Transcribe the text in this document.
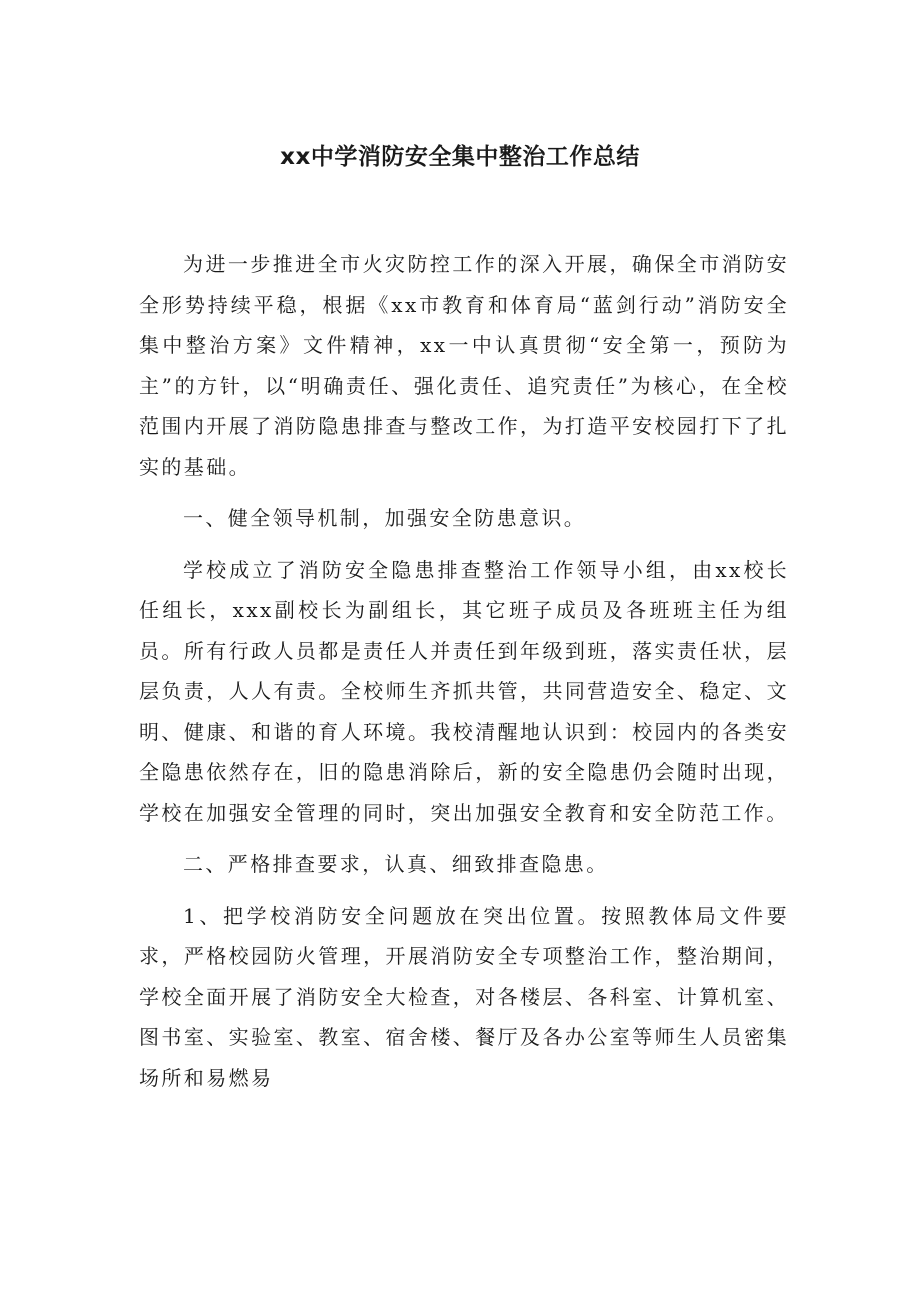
xx中学消防安全集中整治工作总结

为进一步推进全市火灾防控工作的深入开展，确保全市消防安全形势持续平稳，根据《xx市教育和体育局“蓝剑行动”消防安全集中整治方案》文件精神，xx一中认真贯彻“安全第一，预防为主”的方针，以“明确责任、强化责任、追究责任”为核心，在全校范围内开展了消防隐患排查与整改工作，为打造平安校园打下了扎实的基础。

一、健全领导机制，加强安全防患意识。

学校成立了消防安全隐患排查整治工作领导小组，由xx校长任组长，xxx副校长为副组长，其它班子成员及各班班主任为组员。所有行政人员都是责任人并责任到年级到班，落实责任状，层层负责，人人有责。全校师生齐抓共管，共同营造安全、稳定、文明、健康、和谐的育人环境。我校清醒地认识到：校园内的各类安全隐患依然存在，旧的隐患消除后，新的安全隐患仍会随时出现，学校在加强安全管理的同时，突出加强安全教育和安全防范工作。

二、严格排查要求，认真、细致排查隐患。

1、把学校消防安全问题放在突出位置。按照教体局文件要求，严格校园防火管理，开展消防安全专项整治工作，整治期间，学校全面开展了消防安全大检查，对各楼层、各科室、计算机室、图书室、实验室、教室、宿舍楼、餐厅及各办公室等师生人员密集场所和易燃易
